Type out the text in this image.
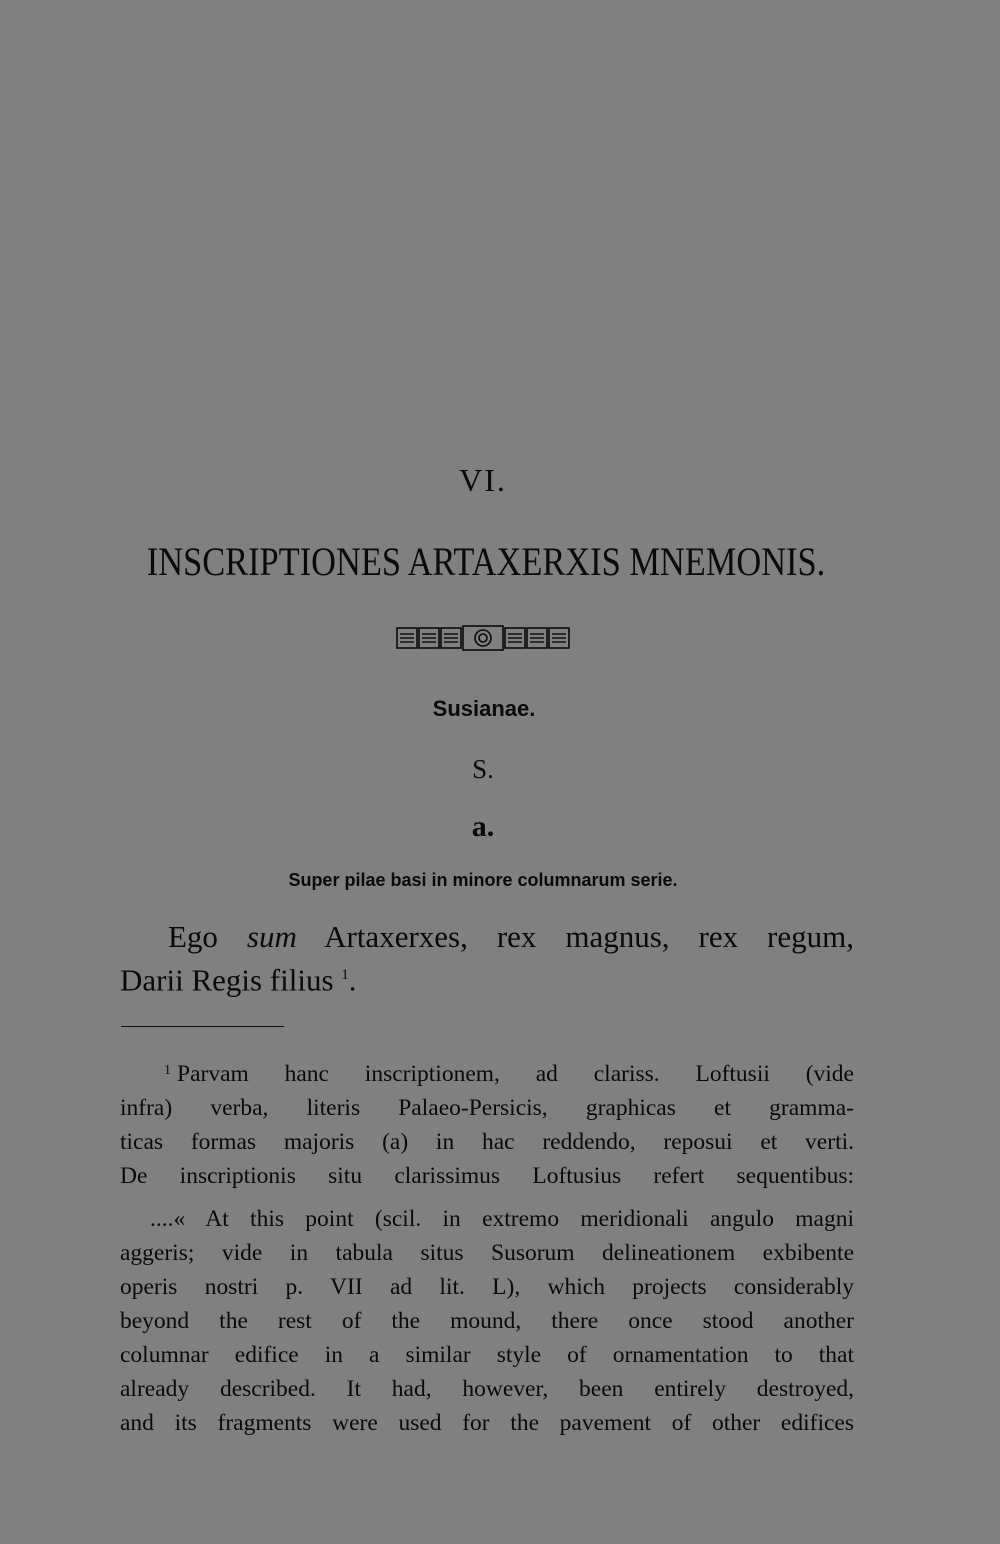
VI.
INSCRIPTIONES ARTAXERXIS MNEMONIS.
Susianae.
S.
a.
Super pilae basi in minore columnarum serie.
Ego sum Artaxerxes, rex magnus, rex regum,
Darii Regis filius $^1$.
$^1$ Parvam hanc inscriptionem, ad clariss. Loftusii (vide
infra) verba, literis Palaeo-Persicis, graphicas et gramma-
ticas formas majoris (a) in hac reddendo, reposui et verti.
De inscriptionis situ clarissimus Loftusius refert sequentibus:
....« At this point (scil. in extremo meridionali angulo magni
aggeris; vide in tabula situs Susorum delineationem exbibente
operis nostri p. VII ad lit. L), which projects considerably
beyond the rest of the mound, there once stood another
columnar edifice in a similar style of ornamentation to that
already described. It had, however, been entirely destroyed,
and its fragments were used for the pavement of other edifices
